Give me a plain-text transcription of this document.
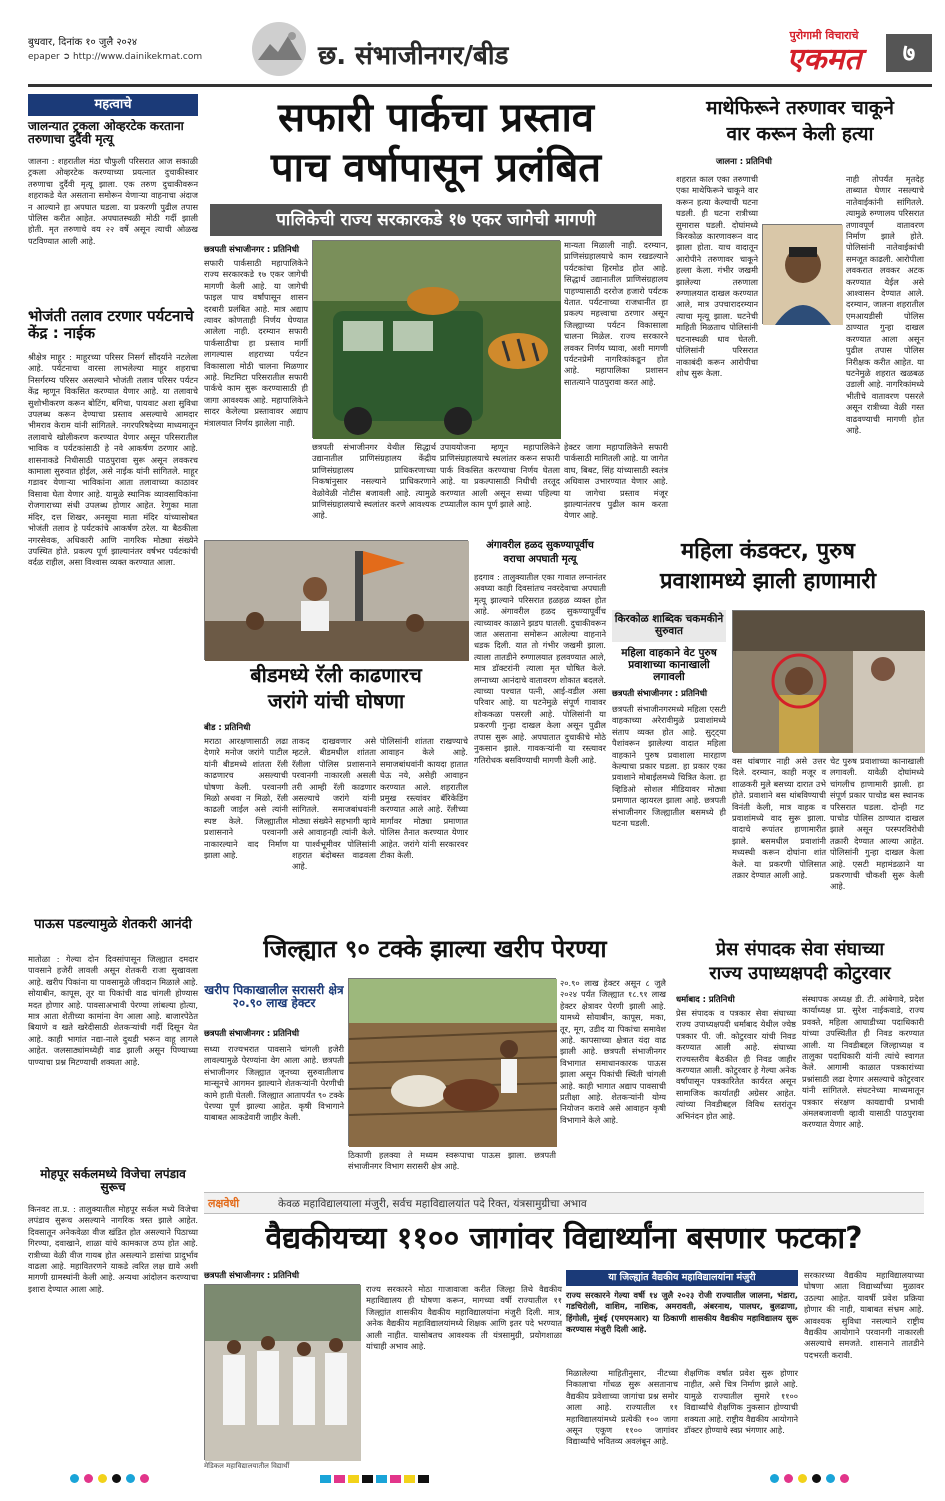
बुधवार, दिनांक १० जुलै २०२४
epaper ➲ http://www.dainikekmat.com	छ. संभाजीनगर/बीड
पुरोगामी विचाराचे
एकमत	७
महत्वाचे
जालन्यात ट्रकला ओव्हरटेक करताना तरुणाचा दुर्दैवी मृत्यू
जालना : शहरातील मंठा चौफुली परिसरात आज सकाळी ट्रकला ओव्हरटेक करण्याच्या प्रयत्नात दुचाकीस्वार तरुणाचा दुर्दैवी मृत्यू झाला. एक तरुण दुचाकीवरून शहराकडे येत असताना समोरून येणाऱ्या वाहनाचा अंदाज न आल्याने हा अपघात घडला. या प्रकरणी पुढील तपास पोलिस करीत आहेत. अपघातस्थळी मोठी गर्दी झाली होती. मृत तरुणाचे वय २२ वर्षे असून त्याची ओळख पटविण्यात आली आहे.
भोजंती तलाव टरणार पर्यटनाचे केंद्र : नाईक
श्रीक्षेत्र माहूर : माहूरच्या परिसर निसर्ग सौंदर्याने नटलेला आहे. पर्यटनाचा वारसा लाभलेल्या माहूर शहराचा निसर्गरम्य परिसर असल्याने भोजंती तलाव परिसर पर्यटन केंद्र म्हणून विकसित करण्यात येणार आहे. या तलावाचे सुशोभीकरण करून बोटिंग, बगिचा, पायवाट अशा सुविधा उपलब्ध करून देण्याचा प्रस्ताव असल्याचे आमदार भीमराव केराम यांनी सांगितले. नगरपरिषदेच्या माध्यमातून तलावाचे खोलीकरण करण्यात येणार असून परिसरातील भाविक व पर्यटकांसाठी हे नवे आकर्षण ठरणार आहे. शासनाकडे निधीसाठी पाठपुरावा सुरू असून लवकरच कामाला सुरुवात होईल, असे नाईक यांनी सांगितले. माहूर गडावर येणाऱ्या भाविकांना आता तलावाच्या काठावर विसावा घेता येणार आहे. यामुळे स्थानिक व्यावसायिकांना रोजगाराच्या संधी उपलब्ध होणार आहेत. रेणुका माता मंदिर, दत्त शिखर, अनसूया माता मंदिर यांच्यासोबत भोजंती तलाव हे पर्यटकांचे आकर्षण ठरेल. या बैठकीला नगरसेवक, अधिकारी आणि नागरिक मोठ्या संख्येने उपस्थित होते. प्रकल्प पूर्ण झाल्यानंतर वर्षभर पर्यटकांची वर्दळ राहील, असा विश्वास व्यक्त करण्यात आला.
पाऊस पडल्यामुळे शेतकरी आनंदी
मातोळा : गेल्या दोन दिवसांपासून जिल्ह्यात दमदार पावसाने हजेरी लावली असून शेतकरी राजा सुखावला आहे. खरीप पिकांना या पावसामुळे जीवदान मिळाले आहे. सोयाबीन, कापूस, तूर या पिकांची वाढ चांगली होण्यास मदत होणार आहे. पावसाअभावी पेरण्या लांबल्या होत्या, मात्र आता शेतीच्या कामांना वेग आला आहे. बाजारपेठेत बियाणे व खते खरेदीसाठी शेतकऱ्यांची गर्दी दिसून येत आहे. काही भागांत नद्या-नाले दुथडी भरून वाहू लागले आहेत. जलसाठ्यांमध्येही वाढ झाली असून पिण्याच्या पाण्याचा प्रश्न मिटण्याची शक्यता आहे.
मोहपूर सर्कलमध्ये विजेचा लपंडाव सुरूच
किनवट ता.प्र. : तालुक्यातील मोहपूर सर्कल मध्ये विजेचा लपंडाव सुरूच असल्याने नागरिक त्रस्त झाले आहेत. दिवसातून अनेकवेळा वीज खंडित होत असल्याने पिठाच्या गिरण्या, दवाखाने, शाळा यांचे कामकाज ठप्प होत आहे. रात्रीच्या वेळी वीज गायब होत असल्याने डासांचा प्रादुर्भाव वाढला आहे. महावितरणने याकडे त्वरित लक्ष द्यावे अशी मागणी ग्रामस्थांनी केली आहे. अन्यथा आंदोलन करण्याचा इशारा देण्यात आला आहे.
सफारी पार्कचा प्रस्ताव
पाच वर्षापासून प्रलंबित
पालिकेची राज्य सरकारकडे १७ एकर जागेची मागणी
छत्रपती संभाजीनगर : प्रतिनिधी
सफारी पार्कसाठी महापालिकेने राज्य सरकारकडे १७ एकर जागेची मागणी केली आहे. या जागेची फाइल पाच वर्षांपासून शासन दरबारी प्रलंबित आहे. मात्र अद्याप त्यावर कोणताही निर्णय घेण्यात आलेला नाही. दरम्यान सफारी पार्कसाठीचा हा प्रस्ताव मार्गी लागल्यास शहराच्या पर्यटन विकासाला मोठी चालना मिळणार आहे. मिटमिटा परिसरातील सफारी पार्कचे काम सुरू करण्यासाठी ही जागा आवश्यक आहे. महापालिकेने सादर केलेल्या प्रस्तावावर अद्याप मंत्रालयात निर्णय झालेला नाही.
छत्रपती संभाजीनगर येथील सिद्धार्थ उद्यानातील प्राणिसंग्रहालय केंद्रीय प्राणिसंग्रहालय प्राधिकरणाच्या निकषांनुसार नसल्याने प्राधिकरणाने वेळोवेळी नोटीस बजावली आहे. त्यामुळे प्राणिसंग्रहालयाचे स्थलांतर करणे आवश्यक आहे.
उपाययोजना म्हणून महापालिकेने प्राणिसंग्रहालयाचे स्थलांतर करून सफारी पार्क विकसित करण्याचा निर्णय घेतला आहे. या प्रकल्पासाठी निधीची तरतूद करण्यात आली असून सध्या पहिल्या टप्प्यातील काम पूर्ण झाले आहे.
हेक्टर जागा महापालिकेने सफारी पार्कसाठी मागितली आहे. या जागेत वाघ, बिबट, सिंह यांच्यासाठी स्वतंत्र अधिवास उभारण्यात येणार आहे. या जागेचा प्रस्ताव मंजूर झाल्यानंतरच पुढील काम करता येणार आहे.
मान्यता मिळाली नाही. दरम्यान, प्राणिसंग्रहालयाचे काम रखडल्याने पर्यटकांचा हिरमोड होत आहे. सिद्धार्थ उद्यानातील प्राणिसंग्रहालय पाहण्यासाठी दररोज हजारो पर्यटक येतात. पर्यटनाच्या राजधानीत हा प्रकल्प महत्त्वाचा ठरणार असून जिल्ह्याच्या पर्यटन विकासाला चालना मिळेल. राज्य सरकारने लवकर निर्णय घ्यावा, अशी मागणी पर्यटनप्रेमी नागरिकांकडून होत आहे. महापालिका प्रशासन सातत्याने पाठपुरावा करत आहे.
माथेफिरूने तरुणावर चाकूने
वार करून केली हत्या
जालना : प्रतिनिधी
शहरात काल एका तरुणाची एका माथेफिरूने चाकूने वार करून हत्या केल्याची घटना घडली. ही घटना रात्रीच्या सुमारास घडली. दोघांमध्ये किरकोळ कारणावरून वाद झाला होता. याच वादातून आरोपीने तरुणावर चाकूने हल्ला केला. गंभीर जखमी झालेल्या तरुणाला रुग्णालयात दाखल करण्यात आले, मात्र उपचारादरम्यान त्याचा मृत्यू झाला. घटनेची माहिती मिळताच पोलिसांनी घटनास्थळी धाव घेतली. पोलिसांनी परिसरात नाकाबंदी करून आरोपीचा शोध सुरू केला.
नाही तोपर्यंत मृतदेह ताब्यात घेणार नसल्याचे नातेवाईकांनी सांगितले. त्यामुळे रुग्णालय परिसरात तणावपूर्ण वातावरण निर्माण झाले होते. पोलिसांनी नातेवाईकांची समजूत काढली. आरोपीला लवकरात लवकर अटक करण्यात येईल असे आश्वासन देण्यात आले. दरम्यान, जालना शहरातील एमआयडीसी पोलिस ठाण्यात गुन्हा दाखल करण्यात आला असून पुढील तपास पोलिस निरीक्षक करीत आहेत. या घटनेमुळे शहरात खळबळ उडाली आहे. नागरिकांमध्ये भीतीचे वातावरण पसरले असून रात्रीच्या वेळी गस्त वाढवण्याची मागणी होत आहे.
बीडमध्ये रॅली काढणारच
जरांगे यांची घोषणा
बीड : प्रतिनिधी
मराठा आरक्षणासाठी लढा देणारे मनोज जरांगे पाटील यांनी बीडमध्ये शांतता रॅली काढणारच असल्याची घोषणा केली. परवानगी मिळो अथवा न मिळो, रॅली काढली जाईल असे त्यांनी स्पष्ट केले. जिल्ह्यातील प्रशासनाने परवानगी नाकारल्याने वाद निर्माण झाला आहे.
ताकद दाखवणार असे म्हटले. बीडमधील शांतता रॅलीला पोलिस प्रशासनाने परवानगी नाकारली असली तरी आम्ही रॅली काढणार असल्याचे जरांगे यांनी सांगितले. समाजबांधवांनी मोठ्या संख्येने सहभागी व्हावे असे आवाहनही त्यांनी केले. या पार्श्वभूमीवर पोलिसांनी शहरात बंदोबस्त वाढवला आहे.
पोलिसांनी शांतता राखण्याचे आवाहन केले आहे. समाजबांधवांनी कायदा हातात घेऊ नये, असेही आवाहन करण्यात आले. शहरातील प्रमुख रस्त्यांवर बॅरिकेडिंग करण्यात आले आहे. रॅलीच्या मार्गावर मोठ्या प्रमाणात पोलिस तैनात करण्यात येणार आहेत. जरांगे यांनी सरकारवर टीका केली.
अंगावरील हळद सुकण्यापूर्वीच
वराचा अपघाती मृत्यू
हदगाव : तालुक्यातील एका गावात लग्नानंतर अवघ्या काही दिवसांतच नवरदेवाचा अपघाती मृत्यू झाल्याने परिसरात हळहळ व्यक्त होत आहे. अंगावरील हळद सुकण्यापूर्वीच त्याच्यावर काळाने झडप घातली. दुचाकीवरून जात असताना समोरून आलेल्या वाहनाने धडक दिली. यात तो गंभीर जखमी झाला. त्याला तातडीने रुग्णालयात हलवण्यात आले, मात्र डॉक्टरांनी त्याला मृत घोषित केले. लग्नाच्या आनंदाचे वातावरण शोकात बदलले. त्याच्या पश्चात पत्नी, आई-वडील असा परिवार आहे. या घटनेमुळे संपूर्ण गावावर शोककळा पसरली आहे. पोलिसांनी या प्रकरणी गुन्हा दाखल केला असून पुढील तपास सुरू आहे. अपघातात दुचाकीचे मोठे नुकसान झाले. गावकऱ्यांनी या रस्त्यावर गतिरोधक बसविण्याची मागणी केली आहे.
महिला कंडक्टर, पुरुष
प्रवाशामध्ये झाली हाणामारी
किरकोळ शाब्दिक चकमकीने सुरुवात
महिला वाहकाने वेट पुरुष प्रवाशाच्या कानाखाली लगावली
छत्रपती संभाजीनगर : प्रतिनिधी
छत्रपती संभाजीनगरमध्ये महिला एसटी वाहकाच्या अरेरावीमुळे प्रवाशांमध्ये संताप व्यक्त होत आहे. सुट्ट्या पैशांवरून झालेल्या वादात महिला वाहकाने पुरुष प्रवाशाला मारहाण केल्याचा प्रकार घडला. हा प्रकार एका प्रवाशाने मोबाईलमध्ये चित्रित केला. हा व्हिडिओ सोशल मीडियावर मोठ्या प्रमाणात व्हायरल झाला आहे. छत्रपती संभाजीनगर जिल्ह्यातील बसमध्ये ही घटना घडली.
वस थांबणार नाही असे उत्तर दिले. दरम्यान, काही मजूर व शाळकरी मुले बसच्या दारात उभे होते. प्रवाशाने बस थांबविण्याची विनंती केली, मात्र वाहक व प्रवाशांमध्ये वाद सुरू झाला. वादाचे रूपांतर हाणामारीत झाले. बसमधील प्रवाशांनी मध्यस्थी करून दोघांना शांत केले. या प्रकरणी पोलिसात तक्रार देण्यात आली आहे.
चेट पुरुष प्रवाशाच्या कानाखाली लगावली. यावेळी दोघांमध्ये चांगलीच हाणामारी झाली. हा संपूर्ण प्रकार पाचोड बस स्थानक परिसरात घडला. दोन्ही गट पाचोड पोलिस ठाण्यात दाखल झाले असून परस्परविरोधी तक्रारी देण्यात आल्या आहेत. पोलिसांनी गुन्हा दाखल केला आहे. एसटी महामंडळाने या प्रकरणाची चौकशी सुरू केली आहे.
जिल्ह्यात ९० टक्के झाल्या खरीप पेरण्या
खरीप पिकाखालील सरासरी क्षेत्र २०.९० लाख हेक्टर
छत्रपती संभाजीनगर : प्रतिनिधी
सध्या राज्यभरात पावसाने चांगली हजेरी लावल्यामुळे पेरण्यांना वेग आला आहे. छत्रपती संभाजीनगर जिल्ह्यात जूनच्या सुरुवातीलाच मान्सूनचे आगमन झाल्याने शेतकऱ्यांनी पेरणीची कामे हाती घेतली. जिल्ह्यात आतापर्यंत ९० टक्के पेरण्या पूर्ण झाल्या आहेत. कृषी विभागाने याबाबत आकडेवारी जाहीर केली.
ठिकाणी हलक्या ते मध्यम स्वरूपाचा पाऊस झाला. छत्रपती संभाजीनगर विभाग सरासरी क्षेत्र आहे.
२०.९० लाख हेक्टर असून ८ जुलै २०२४ पर्यंत जिल्ह्यात १८.९१ लाख हेक्टर क्षेत्रावर पेरणी झाली आहे. यामध्ये सोयाबीन, कापूस, मका, तूर, मूग, उडीद या पिकांचा समावेश आहे. कापसाच्या क्षेत्रात यंदा वाढ झाली आहे. छत्रपती संभाजीनगर विभागात समाधानकारक पाऊस झाला असून पिकांची स्थिती चांगली आहे. काही भागात अद्याप पावसाची प्रतीक्षा आहे. शेतकऱ्यांनी योग्य नियोजन करावे असे आवाहन कृषी विभागाने केले आहे.
प्रेस संपादक सेवा संघाच्या
राज्य उपाध्यक्षपदी कोटुरवार
धर्माबाद : प्रतिनिधी
प्रेस संपादक व पत्रकार सेवा संघाच्या राज्य उपाध्यक्षपदी धर्माबाद येथील ज्येष्ठ पत्रकार पी. जी. कोटुरवार यांची निवड करण्यात आली आहे. संघाच्या राज्यस्तरीय बैठकीत ही निवड जाहीर करण्यात आली. कोटुरवार हे गेल्या अनेक वर्षांपासून पत्रकारितेत कार्यरत असून सामाजिक कार्यातही अग्रेसर आहेत. त्यांच्या निवडीबद्दल विविध स्तरांतून अभिनंदन होत आहे.
संस्थापक अध्यक्ष डी. टी. आंबेगावे, प्रदेश कार्याध्यक्ष प्रा. सुरेश नाईकवाडे, राज्य प्रवक्ते, महिला आघाडीच्या पदाधिकारी यांच्या उपस्थितीत ही निवड करण्यात आली. या निवडीबद्दल जिल्हाध्यक्ष व तालुका पदाधिकारी यांनी त्यांचे स्वागत केले. आगामी काळात पत्रकारांच्या प्रश्नांसाठी लढा देणार असल्याचे कोटुरवार यांनी सांगितले. संघटनेच्या माध्यमातून पत्रकार संरक्षण कायद्याची प्रभावी अंमलबजावणी व्हावी यासाठी पाठपुरावा करण्यात येणार आहे.
लक्षवेधी	केवळ महाविद्यालयाला मंजुरी, सर्वच महाविद्यालयांत पदे रिक्त, यंत्रसामुग्रीचा अभाव
वैद्यकीयच्या ११०० जागांवर विद्यार्थ्यांना बसणार फटका?
छत्रपती संभाजीनगर : प्रतिनिधी
राज्य सरकारने मोठा गाजावाजा करीत जिल्हा तिथे वैद्यकीय महाविद्यालय ही घोषणा करून, मागच्या वर्षी राज्यातील ११ जिल्ह्यांत शासकीय वैद्यकीय महाविद्यालयांना मंजुरी दिली. मात्र, अनेक वैद्यकीय महाविद्यालयांमध्ये शिक्षक आणि इतर पदे भरण्यात आली नाहीत. यासोबतच आवश्यक ती यंत्रसामुग्री, प्रयोगशाळा यांचाही अभाव आहे.
या जिल्ह्यांत वैद्यकीय महाविद्यालयांना मंजुरी
राज्य सरकारने गेल्या वर्षी १४ जुलै २०२३ रोजी राज्यातील जालना, भंडारा, गडचिरोली, वाशिम, नाशिक, अमरावती, अंबरनाथ, पालघर, बुलढाणा, हिंगोली, मुंबई (एमएमआर) या ठिकाणी शासकीय वैद्यकीय महाविद्यालय सुरू करण्यास मंजुरी दिली आहे.
मिळालेल्या माहितीनुसार, नीटच्या निकालाचा गोंधळ सुरू असतानाच वैद्यकीय प्रवेशाच्या जागांचा प्रश्न समोर आला आहे. राज्यातील ११ महाविद्यालयांमध्ये प्रत्येकी १०० जागा असून एकूण ११०० जागांवर विद्यार्थ्यांचे भवितव्य अवलंबून आहे.
शैक्षणिक वर्षात प्रवेश सुरू होणार नाहीत, असे चित्र निर्माण झाले आहे. यामुळे राज्यातील सुमारे ११०० विद्यार्थ्यांचे शैक्षणिक नुकसान होण्याची शक्यता आहे. राष्ट्रीय वैद्यकीय आयोगाने डॉक्टर होण्याचे स्वप्न भंगणार आहे.
सरकारच्या वैद्यकीय महाविद्यालयाच्या घोषणा आता विद्यार्थ्यांच्या मुळावर उठल्या आहेत. यावर्षी प्रवेश प्रक्रिया होणार की नाही, याबाबत संभ्रम आहे. आवश्यक सुविधा नसल्याने राष्ट्रीय वैद्यकीय आयोगाने परवानगी नाकारली असल्याचे समजते. शासनाने तातडीने पदभरती करावी.
मेडिकल महाविद्यालयातील विद्यार्थी
